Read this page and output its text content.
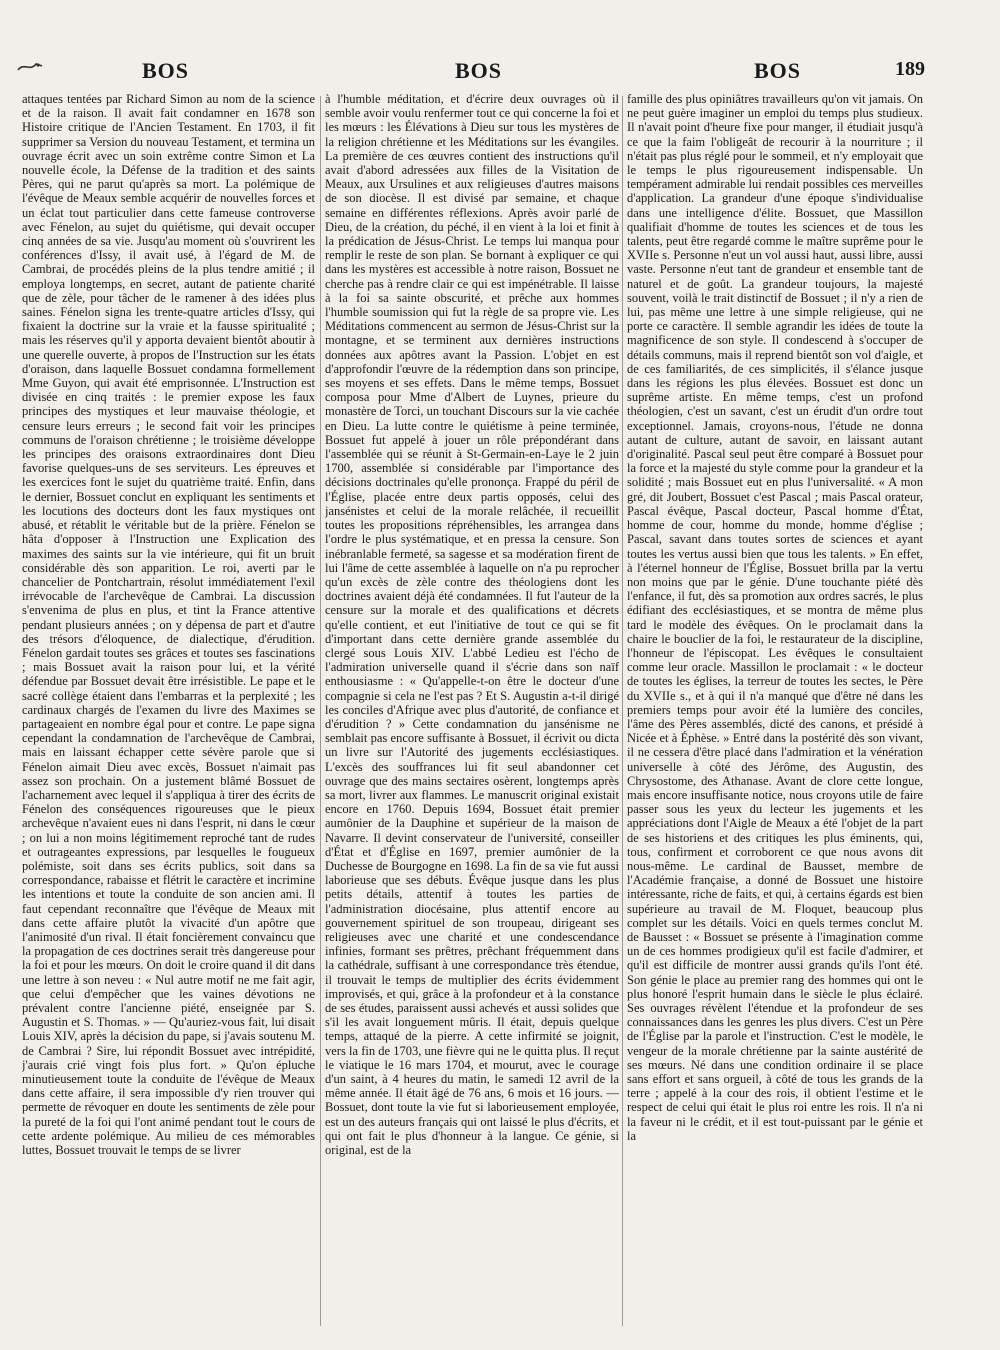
BOS	BOS	BOS	189

attaques tentées par Richard Simon au nom de la science et de la raison. Il avait fait condamner en 1678 son Histoire critique de l'Ancien Testament. En 1703, il fit supprimer sa Version du nouveau Testament, et termina un ouvrage écrit avec un soin extrême contre Simon et La nouvelle école, la Défense de la tradition et des saints Pères, qui ne parut qu'après sa mort. La polémique de l'évêque de Meaux semble acquérir de nouvelles forces et un éclat tout particulier dans cette fameuse controverse avec Fénelon, au sujet du quiétisme, qui devait occuper cinq années de sa vie. Jusqu'au moment où s'ouvrirent les conférences d'Issy, il avait usé, à l'égard de M. de Cambrai, de procédés pleins de la plus tendre amitié ; il employa longtemps, en secret, autant de patiente charité que de zèle, pour tâcher de le ramener à des idées plus saines. Fénelon signa les trente-quatre articles d'Issy, qui fixaient la doctrine sur la vraie et la fausse spiritualité ; mais les réserves qu'il y apporta devaient bientôt aboutir à une querelle ouverte, à propos de l'Instruction sur les états d'oraison, dans laquelle Bossuet condamna formellement Mme Guyon, qui avait été emprisonnée. L'Instruction est divisée en cinq traités : le premier expose les faux principes des mystiques et leur mauvaise théologie, et censure leurs erreurs ; le second fait voir les principes communs de l'oraison chrétienne ; le troisième développe les principes des oraisons extraordinaires dont Dieu favorise quelques-uns de ses serviteurs. Les épreuves et les exercices font le sujet du quatrième traité. Enfin, dans le dernier, Bossuet conclut en expliquant les sentiments et les locutions des docteurs dont les faux mystiques ont abusé, et rétablit le véritable but de la prière. Fénelon se hâta d'opposer à l'Instruction une Explication des maximes des saints sur la vie intérieure, qui fit un bruit considérable dès son apparition. Le roi, averti par le chancelier de Pontchartrain, résolut immédiatement l'exil irrévocable de l'archevêque de Cambrai. La discussion s'envenima de plus en plus, et tint la France attentive pendant plusieurs années ; on y dépensa de part et d'autre des trésors d'éloquence, de dialectique, d'érudition. Fénelon gardait toutes ses grâces et toutes ses fascinations ; mais Bossuet avait la raison pour lui, et la vérité défendue par Bossuet devait être irrésistible. Le pape et le sacré collège étaient dans l'embarras et la perplexité ; les cardinaux chargés de l'examen du livre des Maximes se partageaient en nombre égal pour et contre. Le pape signa cependant la condamnation de l'archevêque de Cambrai, mais en laissant échapper cette sévère parole que si Fénelon aimait Dieu avec excès, Bossuet n'aimait pas assez son prochain. On a justement blâmé Bossuet de l'acharnement avec lequel il s'appliqua à tirer des écrits de Fénelon des conséquences rigoureuses que le pieux archevêque n'avaient eues ni dans l'esprit, ni dans le cœur ; on lui a non moins légitimement reproché tant de rudes et outrageantes expressions, par lesquelles le fougueux polémiste, soit dans ses écrits publics, soit dans sa correspondance, rabaisse et flétrit le caractère et incrimine les intentions et toute la conduite de son ancien ami. Il faut cependant reconnaître que l'évêque de Meaux mit dans cette affaire plutôt la vivacité d'un apôtre que l'animosité d'un rival. Il était foncièrement convaincu que la propagation de ces doctrines serait très dangereuse pour la foi et pour les mœurs. On doit le croire quand il dit dans une lettre à son neveu : « Nul autre motif ne me fait agir, que celui d'empêcher que les vaines dévotions ne prévalent contre l'ancienne piété, enseignée par S. Augustin et S. Thomas. » — Qu'auriez-vous fait, lui disait Louis XIV, après la décision du pape, si j'avais soutenu M. de Cambrai ? Sire, lui répondit Bossuet avec intrépidité, j'aurais crié vingt fois plus fort. » Qu'on épluche minutieusement toute la conduite de l'évêque de Meaux dans cette affaire, il sera impossible d'y rien trouver qui permette de révoquer en doute les sentiments de zèle pour la pureté de la foi qui l'ont animé pendant tout le cours de cette ardente polémique. Au milieu de ces mémorables luttes, Bossuet trouvait le temps de se livrer

à l'humble méditation, et d'écrire deux ouvrages où il semble avoir voulu renfermer tout ce qui concerne la foi et les mœurs : les Élévations à Dieu sur tous les mystères de la religion chrétienne et les Méditations sur les évangiles. La première de ces œuvres contient des instructions qu'il avait d'abord adressées aux filles de la Visitation de Meaux, aux Ursulines et aux religieuses d'autres maisons de son diocèse. Il est divisé par semaine, et chaque semaine en différentes réflexions. Après avoir parlé de Dieu, de la création, du péché, il en vient à la loi et finit à la prédication de Jésus-Christ. Le temps lui manqua pour remplir le reste de son plan. Se bornant à expliquer ce qui dans les mystères est accessible à notre raison, Bossuet ne cherche pas à rendre clair ce qui est impénétrable. Il laisse à la foi sa sainte obscurité, et prêche aux hommes l'humble soumission qui fut la règle de sa propre vie. Les Méditations commencent au sermon de Jésus-Christ sur la montagne, et se terminent aux dernières instructions données aux apôtres avant la Passion. L'objet en est d'approfondir l'œuvre de la rédemption dans son principe, ses moyens et ses effets. Dans le même temps, Bossuet composa pour Mme d'Albert de Luynes, prieure du monastère de Torci, un touchant Discours sur la vie cachée en Dieu. La lutte contre le quiétisme à peine terminée, Bossuet fut appelé à jouer un rôle prépondérant dans l'assemblée qui se réunit à St-Germain-en-Laye le 2 juin 1700, assemblée si considérable par l'importance des décisions doctrinales qu'elle prononça. Frappé du péril de l'Église, placée entre deux partis opposés, celui des jansénistes et celui de la morale relâchée, il recueillit toutes les propositions répréhensibles, les arrangea dans l'ordre le plus systématique, et en pressa la censure. Son inébranlable fermeté, sa sagesse et sa modération firent de lui l'âme de cette assemblée à laquelle on n'a pu reprocher qu'un excès de zèle contre des théologiens dont les doctrines avaient déjà été condamnées. Il fut l'auteur de la censure sur la morale et des qualifications et décrets qu'elle contient, et eut l'initiative de tout ce qui se fit d'important dans cette dernière grande assemblée du clergé sous Louis XIV. L'abbé Ledieu est l'écho de l'admiration universelle quand il s'écrie dans son naïf enthousiasme : « Qu'appelle-t-on être le docteur d'une compagnie si cela ne l'est pas ? Et S. Augustin a-t-il dirigé les conciles d'Afrique avec plus d'autorité, de confiance et d'érudition ? » Cette condamnation du jansénisme ne semblait pas encore suffisante à Bossuet, il écrivit ou dicta un livre sur l'Autorité des jugements ecclésiastiques. L'excès des souffrances lui fit seul abandonner cet ouvrage que des mains sectaires osèrent, longtemps après sa mort, livrer aux flammes. Le manuscrit original existait encore en 1760. Depuis 1694, Bossuet était premier aumônier de la Dauphine et supérieur de la maison de Navarre. Il devint conservateur de l'université, conseiller d'État et d'Église en 1697, premier aumônier de la Duchesse de Bourgogne en 1698. La fin de sa vie fut aussi laborieuse que ses débuts. Évêque jusque dans les plus petits détails, attentif à toutes les parties de l'administration diocésaine, plus attentif encore au gouvernement spirituel de son troupeau, dirigeant ses religieuses avec une charité et une condescendance infinies, formant ses prêtres, prêchant fréquemment dans la cathédrale, suffisant à une correspondance très étendue, il trouvait le temps de multiplier des écrits évidemment improvisés, et qui, grâce à la profondeur et à la constance de ses études, paraissent aussi achevés et aussi solides que s'il les avait longuement mûris. Il était, depuis quelque temps, attaqué de la pierre. A cette infirmité se joignit, vers la fin de 1703, une fièvre qui ne le quitta plus. Il reçut le viatique le 16 mars 1704, et mourut, avec le courage d'un saint, à 4 heures du matin, le samedi 12 avril de la même année. Il était âgé de 76 ans, 6 mois et 16 jours. — Bossuet, dont toute la vie fut si laborieusement employée, est un des auteurs français qui ont laissé le plus d'écrits, et qui ont fait le plus d'honneur à la langue. Ce génie, si original, est de la

famille des plus opiniâtres travailleurs qu'on vit jamais. On ne peut guère imaginer un emploi du temps plus studieux. Il n'avait point d'heure fixe pour manger, il étudiait jusqu'à ce que la faim l'obligeât de recourir à la nourriture ; il n'était pas plus réglé pour le sommeil, et n'y employait que le temps le plus rigoureusement indispensable. Un tempérament admirable lui rendait possibles ces merveilles d'application. La grandeur d'une époque s'individualise dans une intelligence d'élite. Bossuet, que Massillon qualifiait d'homme de toutes les sciences et de tous les talents, peut être regardé comme le maître suprême pour le XVIIe s. Personne n'eut un vol aussi haut, aussi libre, aussi vaste. Personne n'eut tant de grandeur et ensemble tant de naturel et de goût. La grandeur toujours, la majesté souvent, voilà le trait distinctif de Bossuet ; il n'y a rien de lui, pas même une lettre à une simple religieuse, qui ne porte ce caractère. Il semble agrandir les idées de toute la magnificence de son style. Il condescend à s'occuper de détails communs, mais il reprend bientôt son vol d'aigle, et de ces familiarités, de ces simplicités, il s'élance jusque dans les régions les plus élevées. Bossuet est donc un suprême artiste. En même temps, c'est un profond théologien, c'est un savant, c'est un érudit d'un ordre tout exceptionnel. Jamais, croyons-nous, l'étude ne donna autant de culture, autant de savoir, en laissant autant d'originalité. Pascal seul peut être comparé à Bossuet pour la force et la majesté du style comme pour la grandeur et la solidité ; mais Bossuet eut en plus l'universalité. « A mon gré, dit Joubert, Bossuet c'est Pascal ; mais Pascal orateur, Pascal évêque, Pascal docteur, Pascal homme d'État, homme de cour, homme du monde, homme d'église ; Pascal, savant dans toutes sortes de sciences et ayant toutes les vertus aussi bien que tous les talents. » En effet, à l'éternel honneur de l'Église, Bossuet brilla par la vertu non moins que par le génie. D'une touchante piété dès l'enfance, il fut, dès sa promotion aux ordres sacrés, le plus édifiant des ecclésiastiques, et se montra de même plus tard le modèle des évêques. On le proclamait dans la chaire le bouclier de la foi, le restaurateur de la discipline, l'honneur de l'épiscopat. Les évêques le consultaient comme leur oracle. Massillon le proclamait : « le docteur de toutes les églises, la terreur de toutes les sectes, le Père du XVIIe s., et à qui il n'a manqué que d'être né dans les premiers temps pour avoir été la lumière des conciles, l'âme des Pères assemblés, dicté des canons, et présidé à Nicée et à Éphèse. » Entré dans la postérité dès son vivant, il ne cessera d'être placé dans l'admiration et la vénération universelle à côté des Jérôme, des Augustin, des Chrysostome, des Athanase. Avant de clore cette longue, mais encore insuffisante notice, nous croyons utile de faire passer sous les yeux du lecteur les jugements et les appréciations dont l'Aigle de Meaux a été l'objet de la part de ses historiens et des critiques les plus éminents, qui, tous, confirment et corroborent ce que nous avons dit nous-même. Le cardinal de Bausset, membre de l'Académie française, a donné de Bossuet une histoire intéressante, riche de faits, et qui, à certains égards est bien supérieure au travail de M. Floquet, beaucoup plus complet sur les détails. Voici en quels termes conclut M. de Bausset : « Bossuet se présente à l'imagination comme un de ces hommes prodigieux qu'il est facile d'admirer, et qu'il est difficile de montrer aussi grands qu'ils l'ont été. Son génie le place au premier rang des hommes qui ont le plus honoré l'esprit humain dans le siècle le plus éclairé. Ses ouvrages révèlent l'étendue et la profondeur de ses connaissances dans les genres les plus divers. C'est un Père de l'Église par la parole et l'instruction. C'est le modèle, le vengeur de la morale chrétienne par la sainte austérité de ses mœurs. Né dans une condition ordinaire il se place sans effort et sans orgueil, à côté de tous les grands de la terre ; appelé à la cour des rois, il obtient l'estime et le respect de celui qui était le plus roi entre les rois. Il n'a ni la faveur ni le crédit, et il est tout-puissant par le génie et la
